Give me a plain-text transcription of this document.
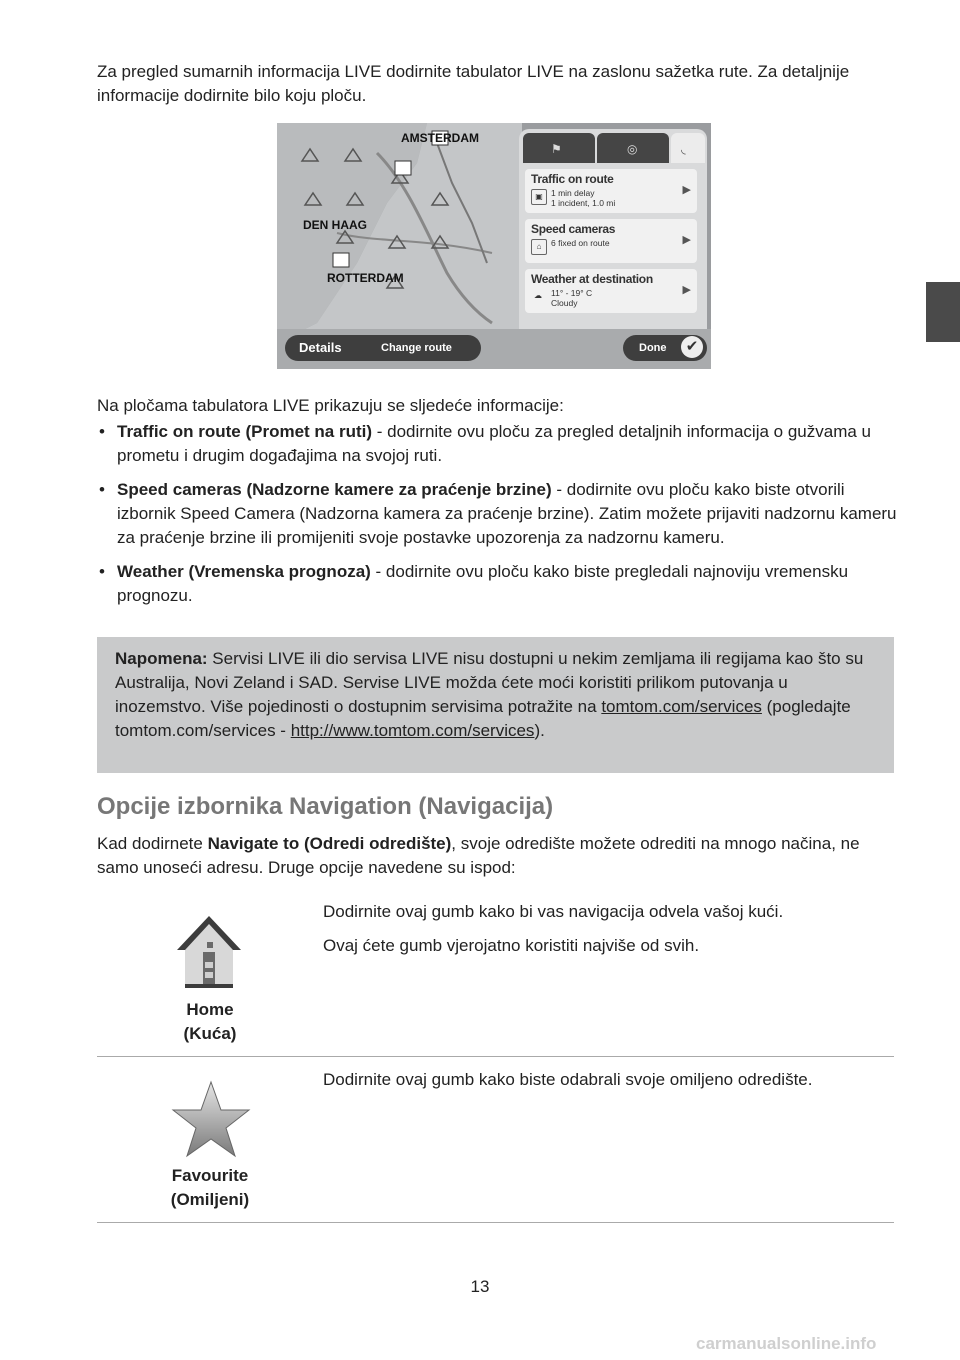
Za pregled sumarnih informacija LIVE dodirnite tabulator LIVE na zaslonu sažetka rute. Za detaljnije informacije dodirnite bilo koju ploču.

AMSTERDAM
DEN HAAG
ROTTERDAM
⚑	◎	◟
Traffic on route
▣ 1 min delay
1 incident, 1.0 mi
▶
Speed cameras
⌂	6 fixed on route	▶
Weather at destination
☁	11° - 19° C
Cloudy
▶
Details	Change route	Done	✔

Na pločama tabulatora LIVE prikazuju se sljedeće informacije:

• Traffic on route (Promet na ruti) - dodirnite ovu ploču za pregled detaljnih informacija o gužvama u prometu i drugim događajima na svojoj ruti.
• Speed cameras (Nadzorne kamere za praćenje brzine) - dodirnite ovu ploču kako biste otvorili izbornik Speed Camera (Nadzorna kamera za praćenje brzine). Zatim možete prijaviti nadzornu kameru za praćenje brzine ili promijeniti svoje postavke upozorenja za nadzornu kameru.
• Weather (Vremenska prognoza) - dodirnite ovu ploču kako biste pregledali najnoviju vremensku prognozu.

Napomena: Servisi LIVE ili dio servisa LIVE nisu dostupni u nekim zemljama ili regijama kao što su Australija, Novi Zeland i SAD. Servise LIVE možda ćete moći koristiti prilikom putovanja u inozemstvo. Više pojedinosti o dostupnim servisima potražite na tomtom.com/services (pogledajte tomtom.com/services - http://www.tomtom.com/services).

Opcije izbornika Navigation (Navigacija)

Kad dodirnete Navigate to (Odredi odredište), svoje odredište možete odrediti na mnogo načina, ne samo unoseći adresu. Druge opcije navedene su ispod:

Home
(Kuća)
Dodirnite ovaj gumb kako bi vas navigacija odvela vašoj kući.
Ovaj ćete gumb vjerojatno koristiti najviše od svih.
Favourite
(Omiljeni)
Dodirnite ovaj gumb kako biste odabrali svoje omiljeno odredište.
13
carmanualsonline.info
